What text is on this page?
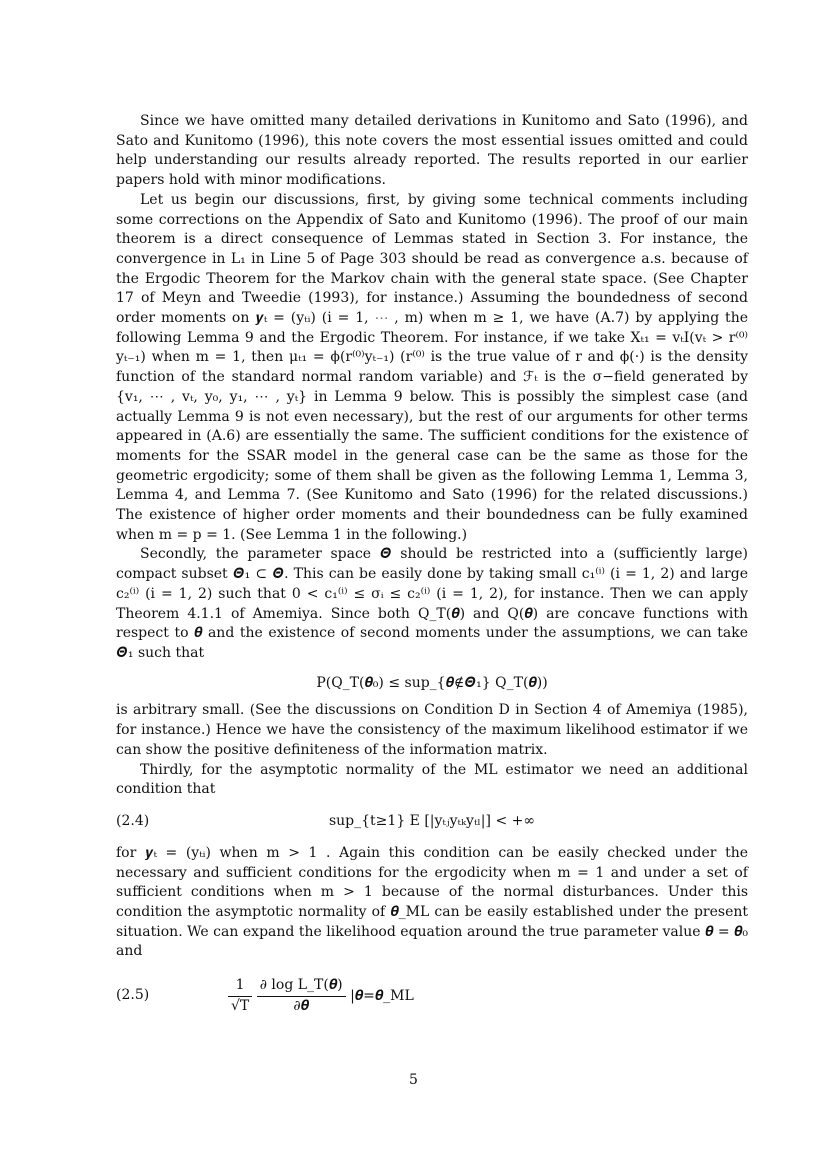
Since we have omitted many detailed derivations in Kunitomo and Sato (1996), and Sato and Kunitomo (1996), this note covers the most essential issues omitted and could help understanding our results already reported. The results reported in our earlier papers hold with minor modifications.

Let us begin our discussions, first, by giving some technical comments including some corrections on the Appendix of Sato and Kunitomo (1996). The proof of our main theorem is a direct consequence of Lemmas stated in Section 3. For instance, the convergence in L₁ in Line 5 of Page 303 should be read as convergence a.s. because of the Ergodic Theorem for the Markov chain with the general state space. (See Chapter 17 of Meyn and Tweedie (1993), for instance.) Assuming the boundedness of second order moments on 𝒚ₜ = (yₜᵢ) (i = 1, ⋯ , m) when m ≥ 1, we have (A.7) by applying the following Lemma 9 and the Ergodic Theorem. For instance, if we take Xₜ₁ = vₜI(vₜ > r⁽⁰⁾yₜ₋₁) when m = 1, then μₜ₁ = ϕ(r⁽⁰⁾yₜ₋₁) (r⁽⁰⁾ is the true value of r and ϕ(·) is the density function of the standard normal random variable) and ℱₜ is the σ−field generated by {v₁, ⋯ , vₜ, y₀, y₁, ⋯ , yₜ} in Lemma 9 below. This is possibly the simplest case (and actually Lemma 9 is not even necessary), but the rest of our arguments for other terms appeared in (A.6) are essentially the same. The sufficient conditions for the existence of moments for the SSAR model in the general case can be the same as those for the geometric ergodicity; some of them shall be given as the following Lemma 1, Lemma 3, Lemma 4, and Lemma 7. (See Kunitomo and Sato (1996) for the related discussions.) The existence of higher order moments and their boundedness can be fully examined when m = p = 1. (See Lemma 1 in the following.)

Secondly, the parameter space 𝜣 should be restricted into a (sufficiently large) compact subset 𝜣₁ ⊂ 𝜣. This can be easily done by taking small c₁⁽ⁱ⁾ (i = 1, 2) and large c₂⁽ⁱ⁾ (i = 1, 2) such that 0 < c₁⁽ⁱ⁾ ≤ σᵢ ≤ c₂⁽ⁱ⁾ (i = 1, 2), for instance. Then we can apply Theorem 4.1.1 of Amemiya. Since both Q_T(𝜽) and Q(𝜽) are concave functions with respect to 𝜽 and the existence of second moments under the assumptions, we can take 𝜣₁ such that

P(Q_T(𝜽₀) ≤ sup_{𝜽∉𝜣₁} Q_T(𝜽))

is arbitrary small. (See the discussions on Condition D in Section 4 of Amemiya (1985), for instance.) Hence we have the consistency of the maximum likelihood estimator if we can show the positive definiteness of the information matrix.

Thirdly, for the asymptotic normality of the ML estimator we need an additional condition that

(2.4)	sup_{t≥1} E [|yₜⱼyₜₖyₜₗ|] < +∞

for 𝒚ₜ = (yₜᵢ) when m > 1 . Again this condition can be easily checked under the necessary and sufficient conditions for the ergodicity when m = 1 and under a set of sufficient conditions when m > 1 because of the normal disturbances. Under this condition the asymptotic normality of 𝜽̂_ML can be easily established under the present situation. We can expand the likelihood equation around the true parameter value 𝜽 = 𝜽₀ and

(2.5)	$\frac{1}{√T}$
$\frac{\text{∂ log L\_T(𝜽)}}{\text{∂𝜽}}$ |𝜽=𝜽̂_ML
5
